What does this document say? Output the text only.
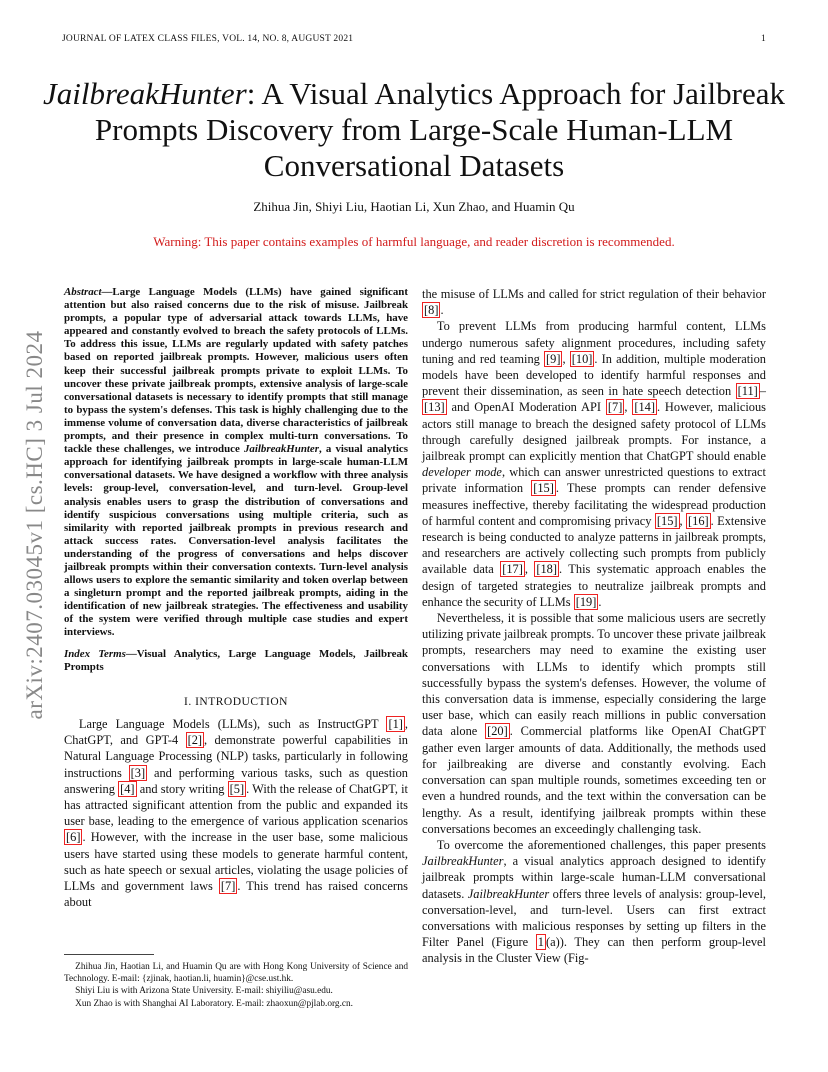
JOURNAL OF LATEX CLASS FILES, VOL. 14, NO. 8, AUGUST 2021	1
JailbreakHunter: A Visual Analytics Approach for Jailbreak Prompts Discovery from Large-Scale Human-LLM Conversational Datasets
Zhihua Jin, Shiyi Liu, Haotian Li, Xun Zhao, and Huamin Qu
Warning: This paper contains examples of harmful language, and reader discretion is recommended.
arXiv:2407.03045v1 [cs.HC] 3 Jul 2024
Abstract—Large Language Models (LLMs) have gained significant attention but also raised concerns due to the risk of misuse. Jailbreak prompts, a popular type of adversarial attack towards LLMs, have appeared and constantly evolved to breach the safety protocols of LLMs. To address this issue, LLMs are regularly updated with safety patches based on reported jailbreak prompts. However, malicious users often keep their successful jailbreak prompts private to exploit LLMs. To uncover these private jailbreak prompts, extensive analysis of large-scale conversational datasets is necessary to identify prompts that still manage to bypass the system's defenses. This task is highly challenging due to the immense volume of conversation data, diverse characteristics of jailbreak prompts, and their presence in complex multi-turn conversations. To tackle these challenges, we introduce JailbreakHunter, a visual analytics approach for identifying jailbreak prompts in large-scale human-LLM conversational datasets. We have designed a workflow with three analysis levels: group-level, conversation-level, and turn-level. Group-level analysis enables users to grasp the distribution of conversations and identify suspicious conversations using multiple criteria, such as similarity with reported jailbreak prompts in previous research and attack success rates. Conversation-level analysis facilitates the understanding of the progress of conversations and helps discover jailbreak prompts within their conversation contexts. Turn-level analysis allows users to explore the semantic similarity and token overlap between a singleturn prompt and the reported jailbreak prompts, aiding in the identification of new jailbreak strategies. The effectiveness and usability of the system were verified through multiple case studies and expert interviews.
Index Terms—Visual Analytics, Large Language Models, Jailbreak Prompts
I. INTRODUCTION

Large Language Models (LLMs), such as InstructGPT [1] , ChatGPT, and GPT-4 [2] , demonstrate powerful capabilities in Natural Language Processing (NLP) tasks, particularly in following instructions [3] and performing various tasks, such as question answering [4] and story writing [5] . With the release of ChatGPT, it has attracted significant attention from the public and expanded its user base, leading to the emergence of various application scenarios [6] . However, with the increase in the user base, some malicious users have started using these models to generate harmful content, such as hate speech or sexual articles, violating the usage policies of LLMs and government laws [7] . This trend has raised concerns about

Zhihua Jin, Haotian Li, and Huamin Qu are with Hong Kong University of Science and Technology. E-mail: {zjinak, haotian.li, huamin}@cse.ust.hk.

Shiyi Liu is with Arizona State University. E-mail: shiyiliu@asu.edu.

Xun Zhao is with Shanghai AI Laboratory. E-mail: zhaoxun@pjlab.org.cn.

the misuse of LLMs and called for strict regulation of their behavior [8] .

To prevent LLMs from producing harmful content, LLMs undergo numerous safety alignment procedures, including safety tuning and red teaming [9] , [10] . In addition, multiple moderation models have been developed to identify harmful responses and prevent their dissemination, as seen in hate speech detection [11] –[13] and OpenAI Moderation API [7] , [14] . However, malicious actors still manage to breach the designed safety protocol of LLMs through carefully designed jailbreak prompts. For instance, a jailbreak prompt can explicitly mention that ChatGPT should enable developer mode, which can answer unrestricted questions to extract private information [15] . These prompts can render defensive measures ineffective, thereby facilitating the widespread production of harmful content and compromising privacy [15] , [16] . Extensive research is being conducted to analyze patterns in jailbreak prompts, and researchers are actively collecting such prompts from publicly available data [17] , [18] . This systematic approach enables the design of targeted strategies to neutralize jailbreak prompts and enhance the security of LLMs [19] .

Nevertheless, it is possible that some malicious users are secretly utilizing private jailbreak prompts. To uncover these private jailbreak prompts, researchers may need to examine the existing user conversations with LLMs to identify which prompts still successfully bypass the system's defenses. However, the volume of this conversation data is immense, especially considering the large user base, which can easily reach millions in public conversation data alone [20] . Commercial platforms like OpenAI ChatGPT gather even larger amounts of data. Additionally, the methods used for jailbreaking are diverse and constantly evolving. Each conversation can span multiple rounds, sometimes exceeding ten or even a hundred rounds, and the text within the conversation can be lengthy. As a result, identifying jailbreak prompts within these conversations becomes an exceedingly challenging task.

To overcome the aforementioned challenges, this paper presents JailbreakHunter, a visual analytics approach designed to identify jailbreak prompts within large-scale human-LLM conversational datasets. JailbreakHunter offers three levels of analysis: group-level, conversation-level, and turn-level. Users can first extract conversations with malicious responses by setting up filters in the Filter Panel (Figure 1 (a)). They can then perform group-level analysis in the Cluster View (Fig-
